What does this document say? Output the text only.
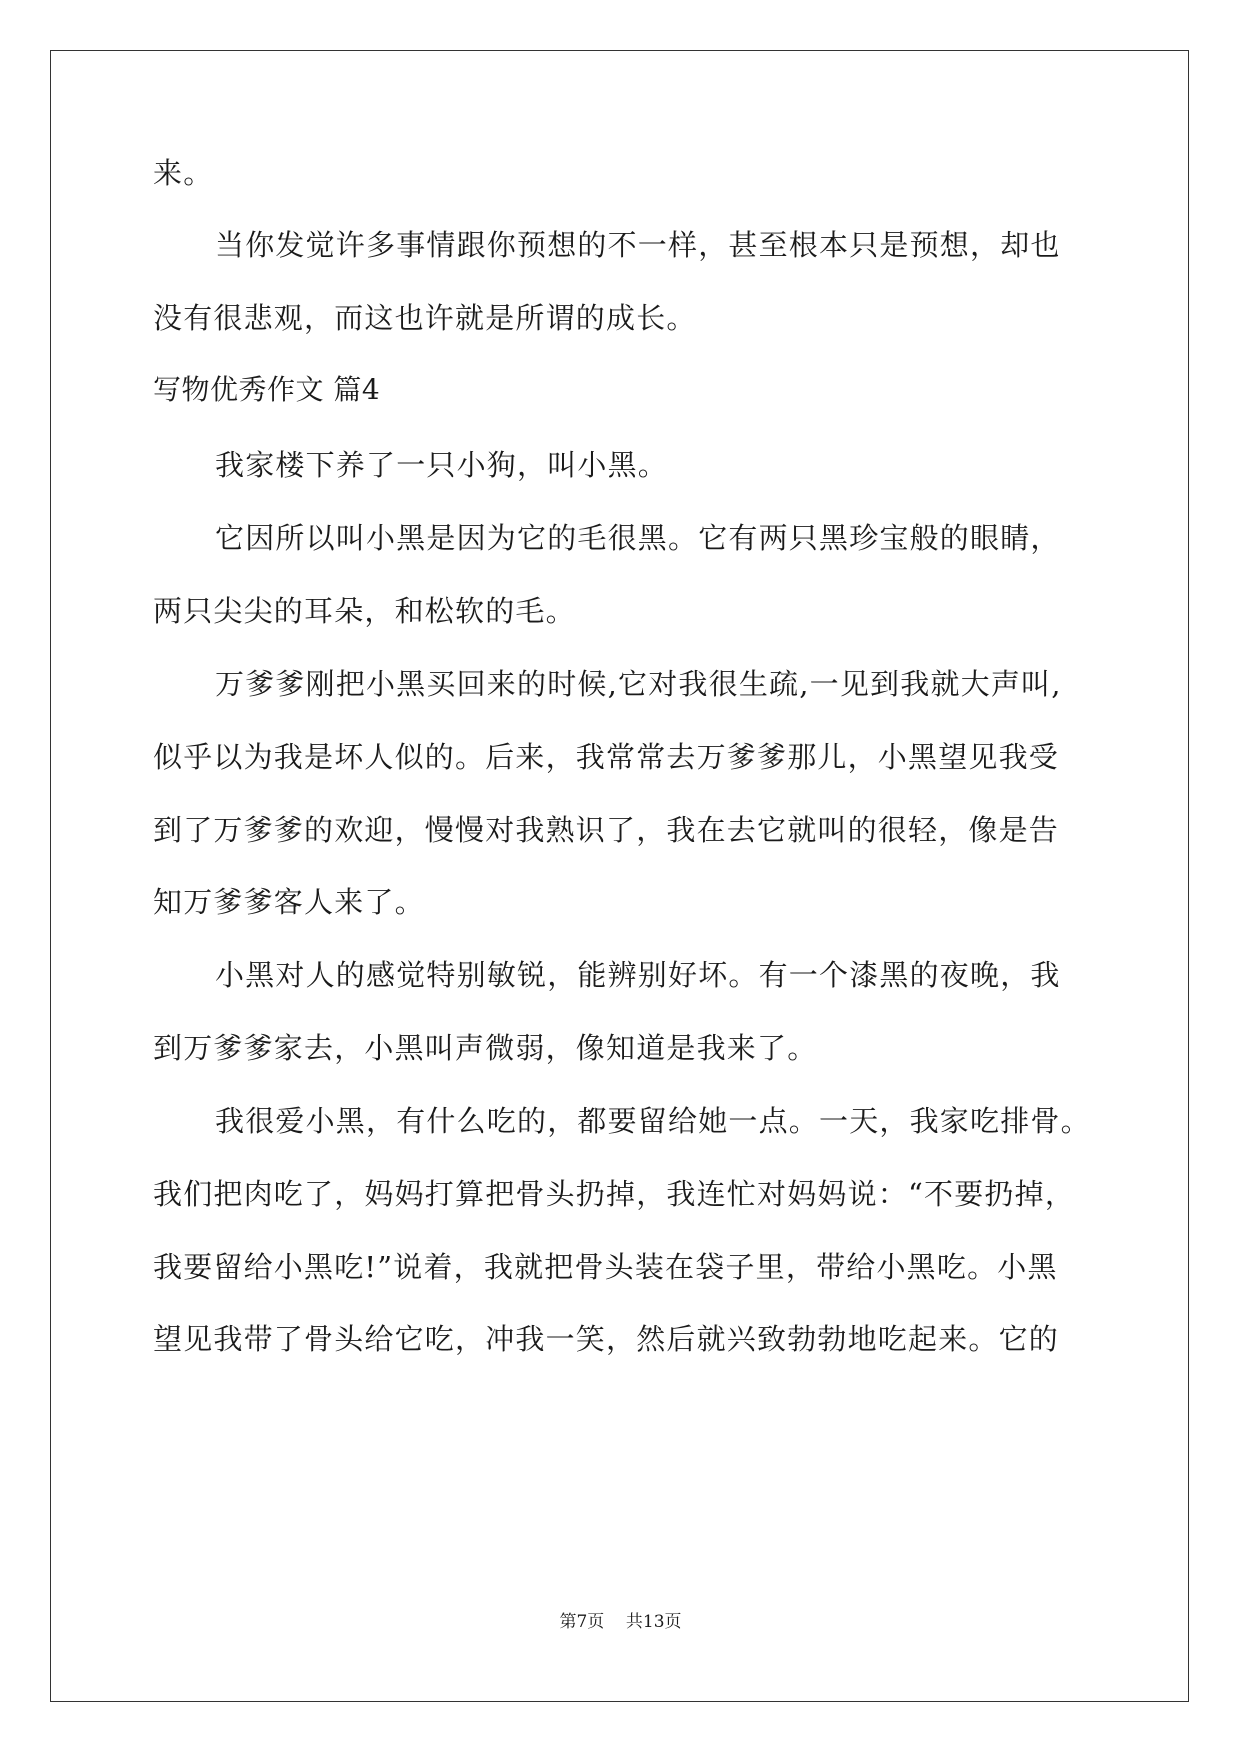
来。
当你发觉许多事情跟你预想的不一样，甚至根本只是预想，却也
没有很悲观，而这也许就是所谓的成长。
写物优秀作文 篇4
我家楼下养了一只小狗，叫小黑。
它因所以叫小黑是因为它的毛很黑。它有两只黑珍宝般的眼睛，
两只尖尖的耳朵，和松软的毛。
万爹爹刚把小黑买回来的时候,它对我很生疏,一见到我就大声叫,
似乎以为我是坏人似的。后来，我常常去万爹爹那儿，小黑望见我受
到了万爹爹的欢迎，慢慢对我熟识了，我在去它就叫的很轻，像是告
知万爹爹客人来了。
小黑对人的感觉特别敏锐，能辨别好坏。有一个漆黑的夜晚，我
到万爹爹家去，小黑叫声微弱，像知道是我来了。
我很爱小黑，有什么吃的，都要留给她一点。一天，我家吃排骨。
我们把肉吃了，妈妈打算把骨头扔掉，我连忙对妈妈说：“不要扔掉，
我要留给小黑吃!”说着，我就把骨头装在袋子里，带给小黑吃。小黑
望见我带了骨头给它吃，冲我一笑，然后就兴致勃勃地吃起来。它的
第7页 共13页
